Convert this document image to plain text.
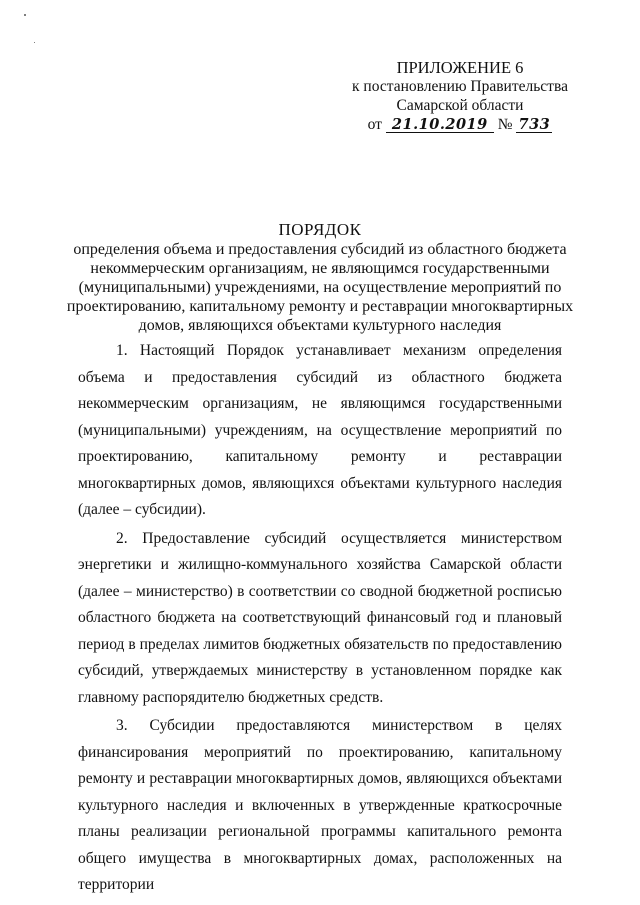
ПРИЛОЖЕНИЕ 6
к постановлению Правительства
Самарской области
от 21.10.2019 № 733
ПОРЯДОК
определения объема и предоставления субсидий из областного бюджета некоммерческим организациям, не являющимся государственными (муниципальными) учреждениями, на осуществление мероприятий по проектированию, капитальному ремонту и реставрации многоквартирных домов, являющихся объектами культурного наследия

1. Настоящий Порядок устанавливает механизм определения объема и предоставления субсидий из областного бюджета некоммерческим организациям, не являющимся государственными (муниципальными) учреждениям, на осуществление мероприятий по проектированию, капитальному ремонту и реставрации многоквартирных домов, являющихся объектами культурного наследия (далее – субсидии).

2. Предоставление субсидий осуществляется министерством энергетики и жилищно-коммунального хозяйства Самарской области (далее – министерство) в соответствии со сводной бюджетной росписью областного бюджета на соответствующий финансовый год и плановый период в пределах лимитов бюджетных обязательств по предоставлению субсидий, утверждаемых министерству в установленном порядке как главному распорядителю бюджетных средств.

3. Субсидии предоставляются министерством в целях финансирования мероприятий по проектированию, капитальному ремонту и реставрации многоквартирных домов, являющихся объектами культурного наследия и включенных в утвержденные краткосрочные планы реализации региональной программы капитального ремонта общего имущества в многоквартирных домах, расположенных на территории
